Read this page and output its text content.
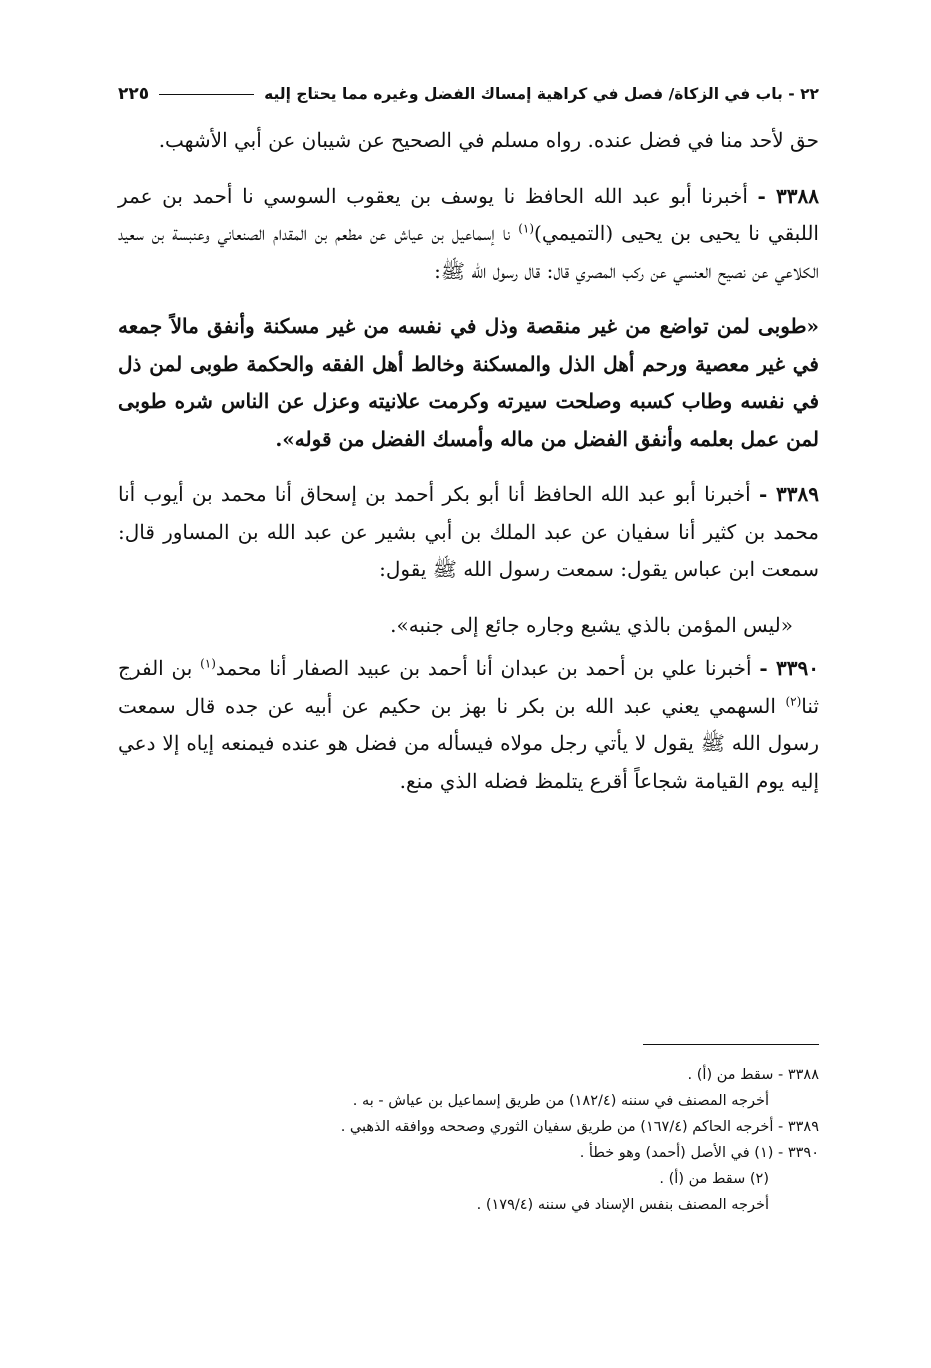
٢٢ - باب في الزكاة/ فصل في كراهية إمساك الفضل وغيره مما يحتاج إليه
٢٢٥

حق لأحد منا في فضل عنده. رواه مسلم في الصحيح عن شيبان عن أبي الأشهب.

٣٣٨٨ - أخبرنا أبو عبد الله الحافظ نا يوسف بن يعقوب السوسي نا أحمد بن عمر اللبقي نا يحيى بن يحيى (التميمي)$^{(١)}$ نا إسماعيل بن عياش عن مطعم بن المقدام الصنعاني وعنبسة بن سعيد الكلاعي عن نصيح العنسي عن ركب المصري قال: قال رسول الله ﷺ:

«طوبى لمن تواضع من غير منقصة وذل في نفسه من غير مسكنة وأنفق مالاً جمعه في غير معصية ورحم أهل الذل والمسكنة وخالط أهل الفقه والحكمة طوبى لمن ذل في نفسه وطاب كسبه وصلحت سيرته وكرمت علانيته وعزل عن الناس شره طوبى لمن عمل بعلمه وأنفق الفضل من ماله وأمسك الفضل من قوله».

٣٣٨٩ - أخبرنا أبو عبد الله الحافظ أنا أبو بكر أحمد بن إسحاق أنا محمد بن أيوب أنا محمد بن كثير أنا سفيان عن عبد الملك بن أبي بشير عن عبد الله بن المساور قال: سمعت ابن عباس يقول: سمعت رسول الله ﷺ يقول:

«ليس المؤمن بالذي يشبع وجاره جائع إلى جنبه».

٣٣٩٠ - أخبرنا علي بن أحمد بن عبدان أنا أحمد بن عبيد الصفار أنا محمد$^{(١)}$ بن الفرج ثنا$^{(٢)}$ السهمي يعني عبد الله بن بكر نا بهز بن حكيم عن أبيه عن جده قال سمعت رسول الله ﷺ يقول لا يأتي رجل مولاه فيسأله من فضل هو عنده فيمنعه إياه إلا دعي إليه يوم القيامة شجاعاً أقرع يتلمظ فضله الذي منع.

٣٣٨٨ - سقط من (أ) .
أخرجه المصنف في سننه (١٨٢/٤) من طريق إسماعيل بن عياش - به .
٣٣٨٩ - أخرجه الحاكم (١٦٧/٤) من طريق سفيان الثوري وصححه ووافقه الذهبي .
٣٣٩٠ - (١) في الأصل (أحمد) وهو خطأ .
(٢) سقط من (أ) .
أخرجه المصنف بنفس الإسناد في سننه (١٧٩/٤) .
